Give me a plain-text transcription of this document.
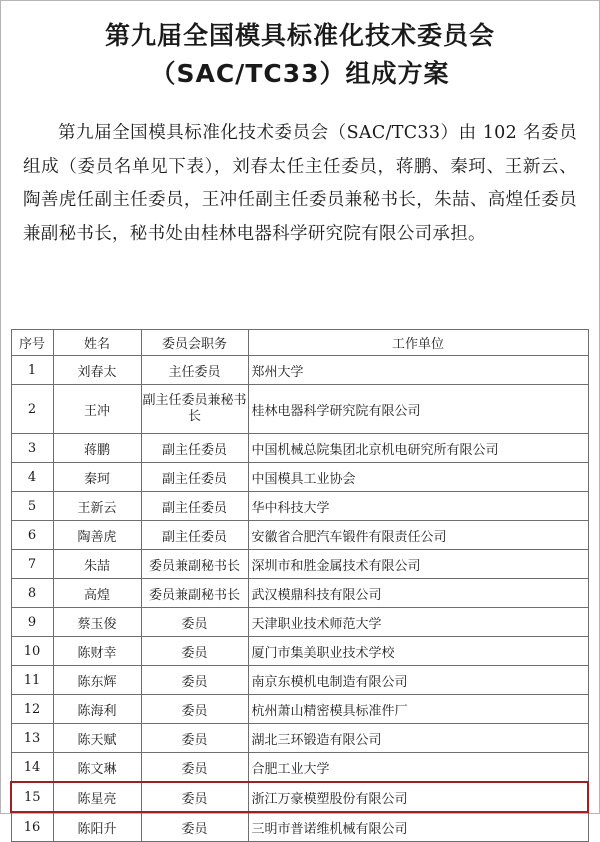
第九届全国模具标准化技术委员会
（SAC/TC33）组成方案

第九届全国模具标准化技术委员会（SAC/TC33）由 102 名委员组成（委员名单见下表），刘春太任主任委员，蒋鹏、秦珂、王新云、陶善虎任副主任委员，王冲任副主任委员兼秘书长，朱喆、高煌任委员兼副秘书长，秘书处由桂林电器科学研究院有限公司承担。

序号	姓名	委员会职务	工作单位
1	刘春太	主任委员	郑州大学
2	王冲	副主任委员兼秘书长	桂林电器科学研究院有限公司
3	蒋鹏	副主任委员	中国机械总院集团北京机电研究所有限公司
4	秦珂	副主任委员	中国模具工业协会
5	王新云	副主任委员	华中科技大学
6	陶善虎	副主任委员	安徽省合肥汽车锻件有限责任公司
7	朱喆	委员兼副秘书长	深圳市和胜金属技术有限公司
8	高煌	委员兼副秘书长	武汉模鼎科技有限公司
9	蔡玉俊	委员	天津职业技术师范大学
10	陈财幸	委员	厦门市集美职业技术学校
11	陈东辉	委员	南京东模机电制造有限公司
12	陈海利	委员	杭州萧山精密模具标准件厂
13	陈天赋	委员	湖北三环锻造有限公司
14	陈文琳	委员	合肥工业大学
15	陈星亮	委员	浙江万豪模塑股份有限公司
16	陈阳升	委员	三明市普诺维机械有限公司
